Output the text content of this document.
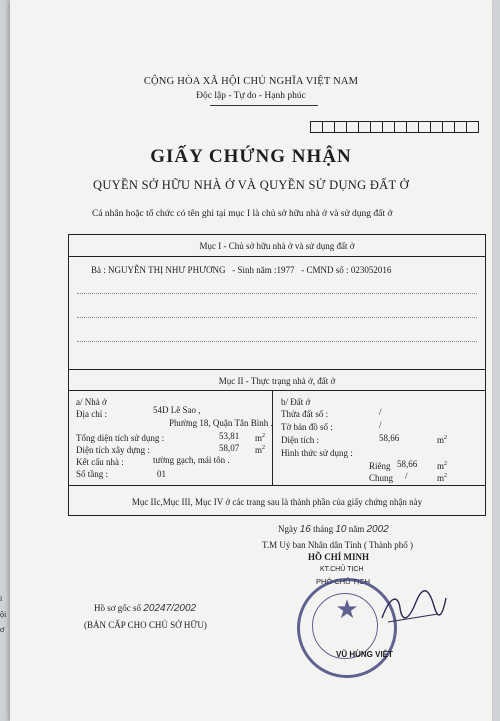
CỘNG HÒA XÃ HỘI CHỦ NGHĨA VIỆT NAM
Độc lập - Tự do - Hạnh phúc
GIẤY CHỨNG NHẬN
QUYỀN SỞ HỮU NHÀ Ở VÀ QUYỀN SỬ DỤNG ĐẤT Ở
Cá nhân hoặc tổ chức có tên ghi tại mục I là chủ sở hữu nhà ở và sử dụng đất ở
Mục I - Chủ sở hữu nhà ở và sử dụng đất ở
Bà : NGUYỄN THỊ NHƯ PHƯƠNG - Sinh năm :1977 - CMND số : 023052016
Mục II - Thực trạng nhà ở, đất ở
a/ Nhà ở
Địa chỉ :	54D Lê Sao ,
Phường 18, Quận Tân Bình .
Tổng diện tích sử dụng :	53,81 $m^2$
Diện tích xây dựng :	58,07 $m^2$
Kết cấu nhà :	tường gạch, mái tôn .
Số tầng :	01
b/ Đất ở
Thửa đất số :	/
Tờ bản đồ số :	/
Diện tích :	58,66	$m^2$
Hình thức sử dụng :
Riêng 58,66 $m^2$
Chung /	$m^2$
Mục IIc,Mục III, Mục IV ở các trang sau là thành phần của giấy chứng nhận này
Ngày 16 tháng 10 năm 2002
T.M Uỷ ban Nhân dân Tỉnh ( Thành phố )
HỒ CHÍ MINH
KT.CHỦ TỊCH
PHÓ CHỦ TỊCH
★
VŨ HÙNG VIỆT
Hồ sơ gốc số 20247/2002
(BẢN CẤP CHO CHỦ SỞ HỮU)
i
ội
ơ
